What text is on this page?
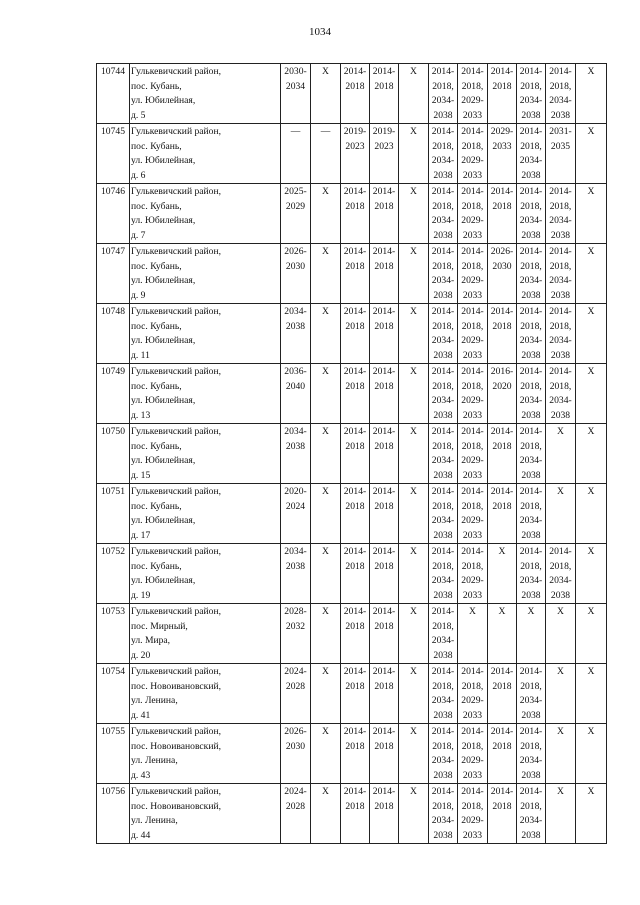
1034
10744	Гулькевичский район,
пос. Кубань,
ул. Юбилейная,
д. 5	2030-
2034	X	2014-
2018	2014-
2018	X	2014-
2018,
2034-
2038	2014-
2018,
2029-
2033	2014-
2018	2014-
2018,
2034-
2038	2014-
2018,
2034-
2038	X

10745	Гулькевичский район,
пос. Кубань,
ул. Юбилейная,
д. 6	—	—	2019-
2023	2019-
2023	X	2014-
2018,
2034-
2038	2014-
2018,
2029-
2033	2029-
2033	2014-
2018,
2034-
2038	2031-
2035	X

10746	Гулькевичский район,
пос. Кубань,
ул. Юбилейная,
д. 7	2025-
2029	X	2014-
2018	2014-
2018	X	2014-
2018,
2034-
2038	2014-
2018,
2029-
2033	2014-
2018	2014-
2018,
2034-
2038	2014-
2018,
2034-
2038	X

10747	Гулькевичский район,
пос. Кубань,
ул. Юбилейная,
д. 9	2026-
2030	X	2014-
2018	2014-
2018	X	2014-
2018,
2034-
2038	2014-
2018,
2029-
2033	2026-
2030	2014-
2018,
2034-
2038	2014-
2018,
2034-
2038	X

10748	Гулькевичский район,
пос. Кубань,
ул. Юбилейная,
д. 11	2034-
2038	X	2014-
2018	2014-
2018	X	2014-
2018,
2034-
2038	2014-
2018,
2029-
2033	2014-
2018	2014-
2018,
2034-
2038	2014-
2018,
2034-
2038	X

10749	Гулькевичский район,
пос. Кубань,
ул. Юбилейная,
д. 13	2036-
2040	X	2014-
2018	2014-
2018	X	2014-
2018,
2034-
2038	2014-
2018,
2029-
2033	2016-
2020	2014-
2018,
2034-
2038	2014-
2018,
2034-
2038	X

10750	Гулькевичский район,
пос. Кубань,
ул. Юбилейная,
д. 15	2034-
2038	X	2014-
2018	2014-
2018	X	2014-
2018,
2034-
2038	2014-
2018,
2029-
2033	2014-
2018	2014-
2018,
2034-
2038	X	X

10751	Гулькевичский район,
пос. Кубань,
ул. Юбилейная,
д. 17	2020-
2024	X	2014-
2018	2014-
2018	X	2014-
2018,
2034-
2038	2014-
2018,
2029-
2033	2014-
2018	2014-
2018,
2034-
2038	X	X

10752	Гулькевичский район,
пос. Кубань,
ул. Юбилейная,
д. 19	2034-
2038	X	2014-
2018	2014-
2018	X	2014-
2018,
2034-
2038	2014-
2018,
2029-
2033	X	2014-
2018,
2034-
2038	2014-
2018,
2034-
2038	X

10753	Гулькевичский район,
пос. Мирный,
ул. Мира,
д. 20	2028-
2032	X	2014-
2018	2014-
2018	X	2014-
2018,
2034-
2038	X	X	X	X	X

10754	Гулькевичский район,
пос. Новоивановский,
ул. Ленина,
д. 41	2024-
2028	X	2014-
2018	2014-
2018	X	2014-
2018,
2034-
2038	2014-
2018,
2029-
2033	2014-
2018	2014-
2018,
2034-
2038	X	X

10755	Гулькевичский район,
пос. Новоивановский,
ул. Ленина,
д. 43	2026-
2030	X	2014-
2018	2014-
2018	X	2014-
2018,
2034-
2038	2014-
2018,
2029-
2033	2014-
2018	2014-
2018,
2034-
2038	X	X

10756	Гулькевичский район,
пос. Новоивановский,
ул. Ленина,
д. 44	2024-
2028	X	2014-
2018	2014-
2018	X	2014-
2018,
2034-
2038	2014-
2018,
2029-
2033	2014-
2018	2014-
2018,
2034-
2038	X	X
